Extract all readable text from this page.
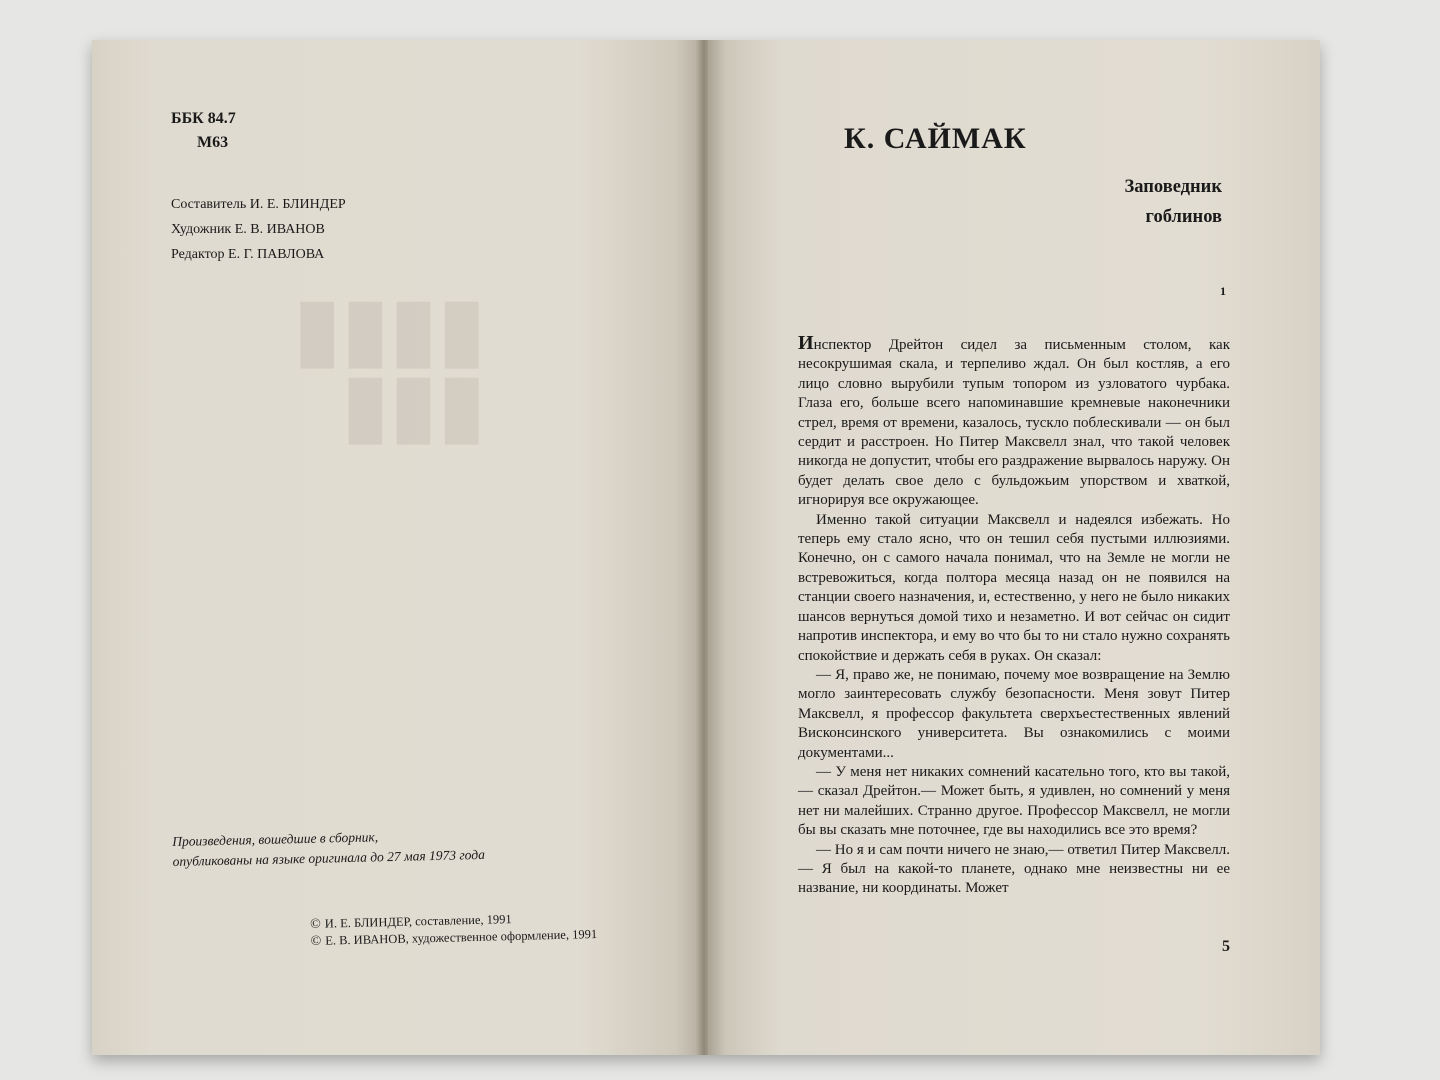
▮▮▮▮
▮▮▮
ББК 84.7
М63
Составитель И. Е. БЛИНДЕР
Художник Е. В. ИВАНОВ
Редактор Е. Г. ПАВЛОВА
Произведения, вошедшие в сборник,
опубликованы на языке оригинала до 27 мая 1973 года
© И. Е. БЛИНДЕР, составление, 1991
© Е. В. ИВАНОВ, художественное оформление, 1991
К. САЙМАК
Заповедник
гоблинов
1

Инспектор Дрейтон сидел за письменным столом, как несокрушимая скала, и терпеливо ждал. Он был костляв, а его лицо словно вырубили тупым топором из узловатого чурбака. Глаза его, больше всего напоминавшие кремневые наконечники стрел, время от времени, казалось, тускло поблескивали — он был сердит и расстроен. Но Питер Максвелл знал, что такой человек никогда не допустит, чтобы его раздражение вырвалось наружу. Он будет делать свое дело с бульдожьим упорством и хваткой, игнорируя все окружающее.

Именно такой ситуации Максвелл и надеялся избежать. Но теперь ему стало ясно, что он тешил себя пустыми иллюзиями. Конечно, он с самого начала понимал, что на Земле не могли не встревожиться, когда полтора месяца назад он не появился на станции своего назначения, и, естественно, у него не было никаких шансов вернуться домой тихо и незаметно. И вот сейчас он сидит напротив инспектора, и ему во что бы то ни стало нужно сохранять спокойствие и держать себя в руках. Он сказал:

— Я, право же, не понимаю, почему мое возвращение на Землю могло заинтересовать службу безопасности. Меня зовут Питер Максвелл, я профессор факультета сверхъестественных явлений Висконсинского университета. Вы ознакомились с моими документами...

— У меня нет никаких сомнений касательно того, кто вы такой,— сказал Дрейтон.— Может быть, я удивлен, но сомнений у меня нет ни малейших. Странно другое. Профессор Максвелл, не могли бы вы сказать мне поточнее, где вы находились все это время?

— Но я и сам почти ничего не знаю,— ответил Питер Максвелл.— Я был на какой-то планете, однако мне неизвестны ни ее название, ни координаты. Может

5
